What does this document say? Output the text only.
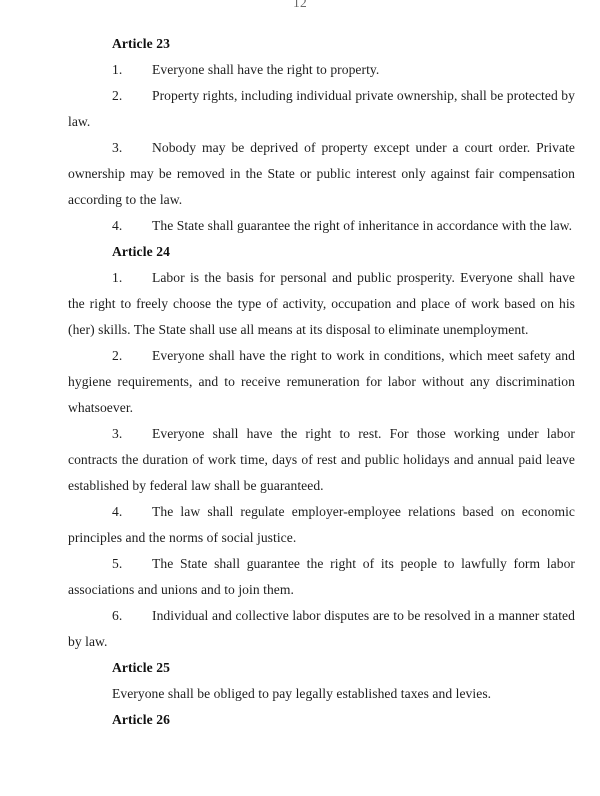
12
Article 23

1. Everyone shall have the right to property.

2. Property rights, including individual private ownership, shall be protected by law.

3. Nobody may be deprived of property except under a court order. Private ownership may be removed in the State or public interest only against fair compensation according to the law.

4. The State shall guarantee the right of inheritance in accordance with the law.

Article 24

1. Labor is the basis for personal and public prosperity. Everyone shall have the right to freely choose the type of activity, occupation and place of work based on his (her) skills. The State shall use all means at its disposal to eliminate unemployment.

2. Everyone shall have the right to work in conditions, which meet safety and hygiene requirements, and to receive remuneration for labor without any discrimination whatsoever.

3. Everyone shall have the right to rest. For those working under labor contracts the duration of work time, days of rest and public holidays and annual paid leave established by federal law shall be guaranteed.

4. The law shall regulate employer-employee relations based on economic principles and the norms of social justice.

5. The State shall guarantee the right of its people to lawfully form labor associations and unions and to join them.

6. Individual and collective labor disputes are to be resolved in a manner stated by law.

Article 25

Everyone shall be obliged to pay legally established taxes and levies.

Article 26
